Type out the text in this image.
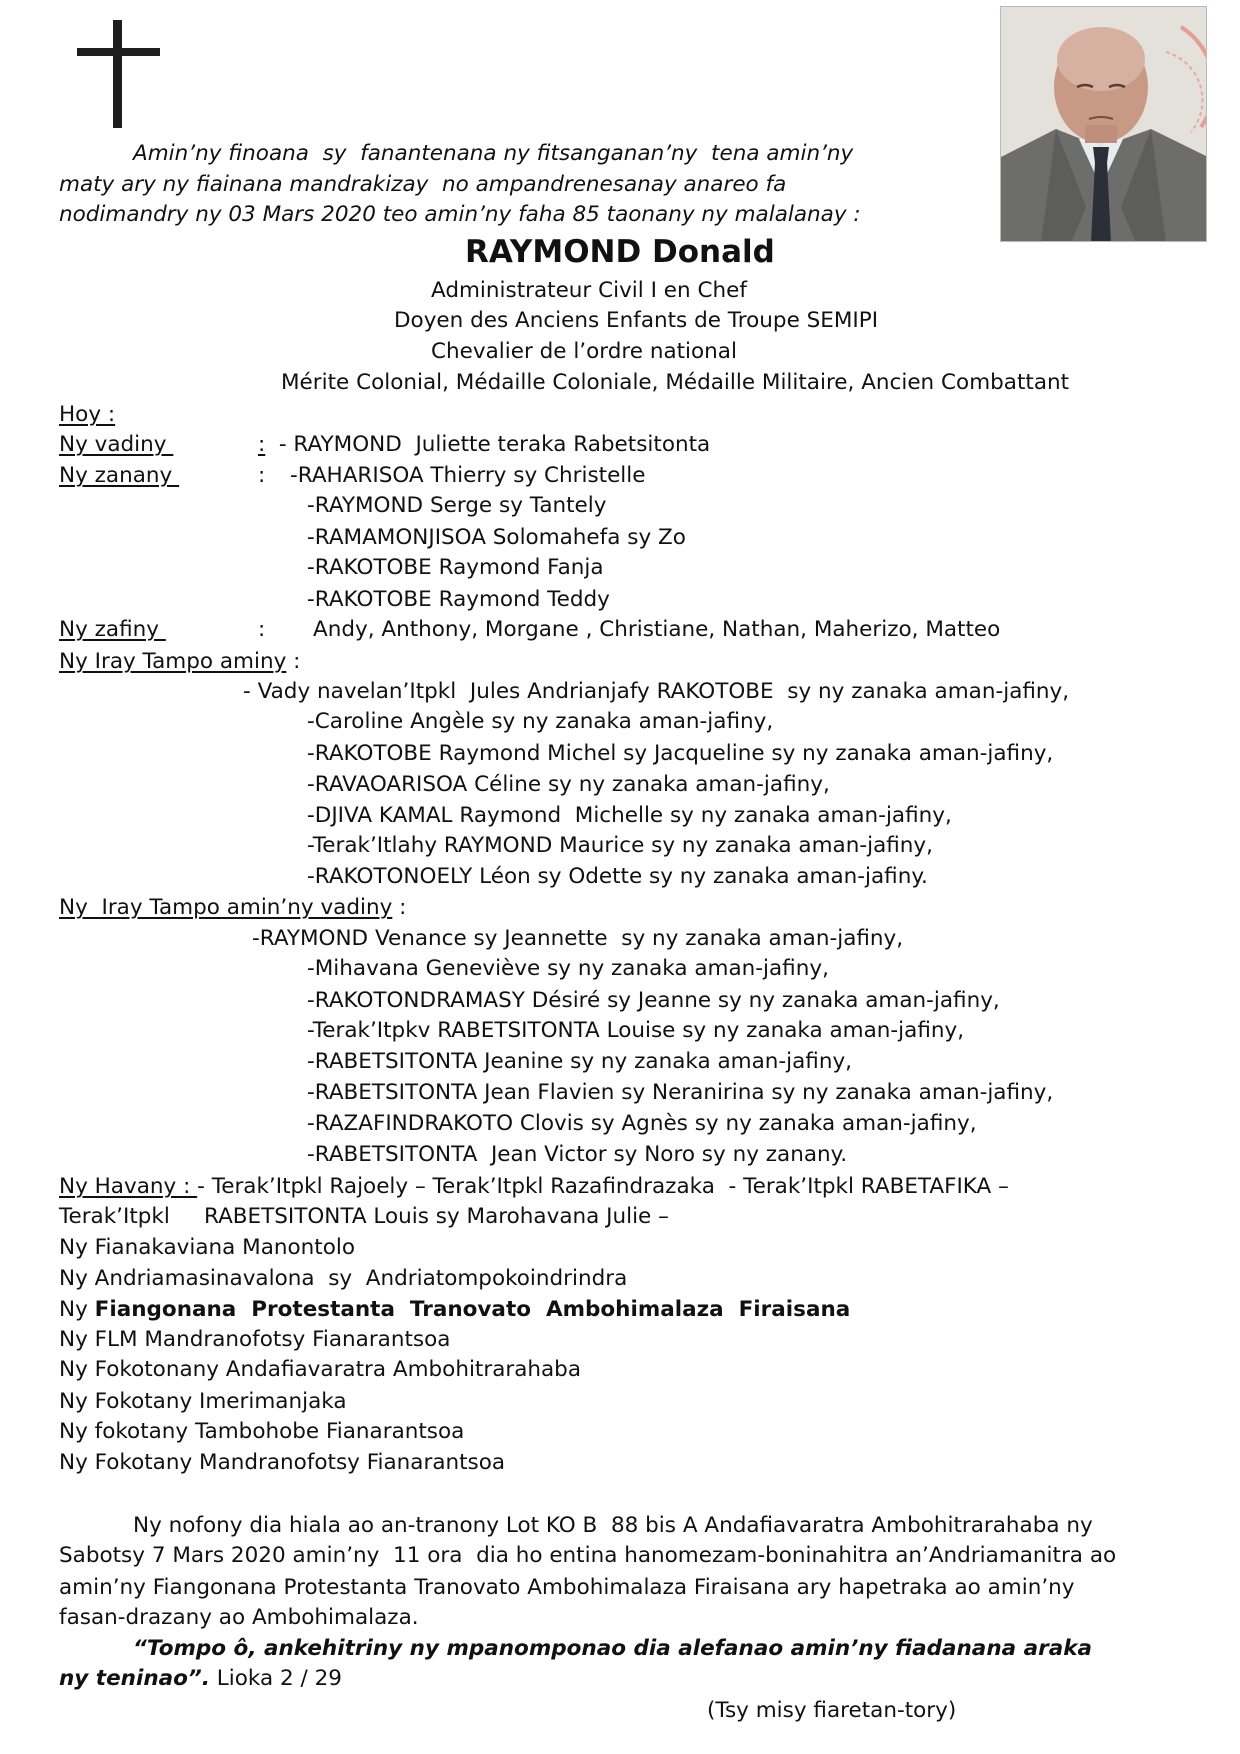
Amin’ny finoana  sy  fanantenana ny fitsanganan’ny  tena amin’ny
maty ary ny fiainana mandrakizay  no ampandrenesanay anareo fa
nodimandry ny 03 Mars 2020 teo amin’ny faha 85 taonany ny malalanay :
RAYMOND Donald
Administrateur Civil I en Chef
Doyen des Anciens Enfants de Troupe SEMIPI
Chevalier de l’ordre national
Mérite Colonial, Médaille Coloniale, Médaille Militaire, Ancien Combattant
Hoy :
Ny vadiny	: - RAYMOND  Juliette teraka Rabetsitonta
Ny zanany	: -RAHARISOA Thierry sy Christelle
-RAYMOND Serge sy Tantely
-RAMAMONJISOA Solomahefa sy Zo
-RAKOTOBE Raymond Fanja
-RAKOTOBE Raymond Teddy
Ny zafiny	: Andy, Anthony, Morgane , Christiane, Nathan, Maherizo, Matteo
Ny Iray Tampo aminy :
- Vady navelan’Itpkl  Jules Andrianjafy RAKOTOBE  sy ny zanaka aman-jafiny,
-Caroline Angèle sy ny zanaka aman-jafiny,
-RAKOTOBE Raymond Michel sy Jacqueline sy ny zanaka aman-jafiny,
-RAVAOARISOA Céline sy ny zanaka aman-jafiny,
-DJIVA KAMAL Raymond  Michelle sy ny zanaka aman-jafiny,
-Terak’Itlahy RAYMOND Maurice sy ny zanaka aman-jafiny,
-RAKOTONOELY Léon sy Odette sy ny zanaka aman-jafiny.
Ny  Iray Tampo amin’ny vadiny :
-RAYMOND Venance sy Jeannette  sy ny zanaka aman-jafiny,
-Mihavana Geneviève sy ny zanaka aman-jafiny,
-RAKOTONDRAMASY Désiré sy Jeanne sy ny zanaka aman-jafiny,
-Terak’Itpkv RABETSITONTA Louise sy ny zanaka aman-jafiny,
-RABETSITONTA Jeanine sy ny zanaka aman-jafiny,
-RABETSITONTA Jean Flavien sy Neranirina sy ny zanaka aman-jafiny,
-RAZAFINDRAKOTO Clovis sy Agnès sy ny zanaka aman-jafiny,
-RABETSITONTA  Jean Victor sy Noro sy ny zanany.
Ny Havany : - Terak’Itpkl Rajoely – Terak’Itpkl Razafindrazaka  - Terak’Itpkl RABETAFIKA –
Terak’Itpkl     RABETSITONTA Louis sy Marohavana Julie –
Ny Fianakaviana Manontolo
Ny Andriamasinavalona  sy  Andriatompokoindrindra
Ny Fiangonana  Protestanta  Tranovato  Ambohimalaza  Firaisana
Ny FLM Mandranofotsy Fianarantsoa
Ny Fokotonany Andafiavaratra Ambohitrarahaba
Ny Fokotany Imerimanjaka
Ny fokotany Tambohobe Fianarantsoa
Ny Fokotany Mandranofotsy Fianarantsoa
Ny nofony dia hiala ao an-tranony Lot KO B  88 bis A Andafiavaratra Ambohitrarahaba ny
Sabotsy 7 Mars 2020 amin’ny  11 ora  dia ho entina hanomezam-boninahitra an’Andriamanitra ao
amin’ny Fiangonana Protestanta Tranovato Ambohimalaza Firaisana ary hapetraka ao amin’ny
fasan-drazany ao Ambohimalaza.
“Tompo ô, ankehitriny ny mpanomponao dia alefanao amin’ny fiadanana araka
ny teninao”. Lioka 2 / 29
(Tsy misy fiaretan-tory)
